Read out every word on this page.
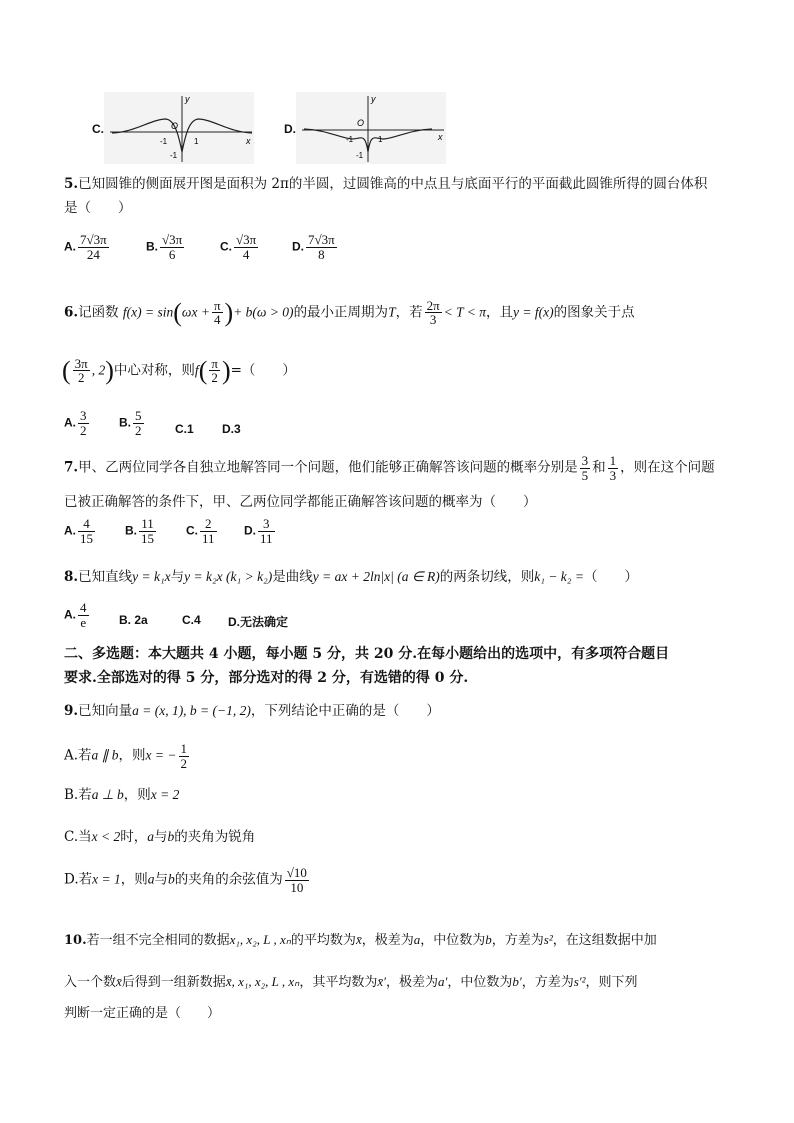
C.
y
x
O
-1	1
-1
D.
y
x
O
-1	1
-1
5.已知圆锥的侧面展开图是面积为 2π的半圆，过圆锥高的中点且与底面平行的平面截此圆锥所得的圆台体积
是（　　）
A. $\frac{7√3\pi}{24}$	B. $\frac{√3\pi}{6}$	C. $\frac{√3\pi}{4}$	D. $\frac{7√3\pi}{8}$
6.记函数 $f(x) = \sin(\omega x + \frac{\pi}{4}$ )+ b(ω > 0)的最小正周期为T，若 $\frac{2\pi}{3} < T < \pi$，且y = f(x)的图象关于点
( $\frac{3\pi}{2}$ , 2)中心对称，则$f( \frac{\pi}{2}$ )=（　　）
A. $\frac{3}{2}$	B. $\frac{5}{2}$	C.1 D.3
7.甲、乙两位同学各自独立地解答同一个问题，他们能够正确解答该问题的概率分别是 $\frac{3}{5}$ 和 $\frac{1}{3}$ ，则在这个问题
已被正确解答的条件下，甲、乙两位同学都能正确解答该问题的概率为（　　）
A. $\frac{4}{15}$	B. $\frac{11}{15}$	C. $\frac{2}{11} D$. $\frac{3}{11}$
8.已知直线y = k₁x与y = k₂x (k₁ > k₂)是曲线y = ax + 2ln|x| (a ∈ R)的两条切线，则k₁ − k₂ =（　　）
A. $\frac{4}{e}$	B. 2a	C.4 D.无法确定
二、多选题：本大题共 4 小题，每小题 5 分，共 20 分.在每小题给出的选项中，有多项符合题目
要求.全部选对的得 5 分，部分选对的得 2 分，有选错的得 0 分.
9.已知向量a = (x, 1), b = (−1, 2)，下列结论中正确的是（　　）
A.若a ∥ b，则x = − $\frac{1}{2}$
B.若a ⊥ b，则x = 2
C.当x < 2时，a与b的夹角为锐角
D.若x = 1，则a与b的夹角的余弦值为 $\frac{√10}{10}$
10.若一组不完全相同的数据x₁, x₂, L , xₙ的平均数为x̄，极差为a，中位数为b，方差为s²，在这组数据中加
入一个数x̄后得到一组新数据x̄, x₁, x₂, L , xₙ，其平均数为x̄′，极差为a′，中位数为b′，方差为s′²，则下列
判断一定正确的是（　　）
